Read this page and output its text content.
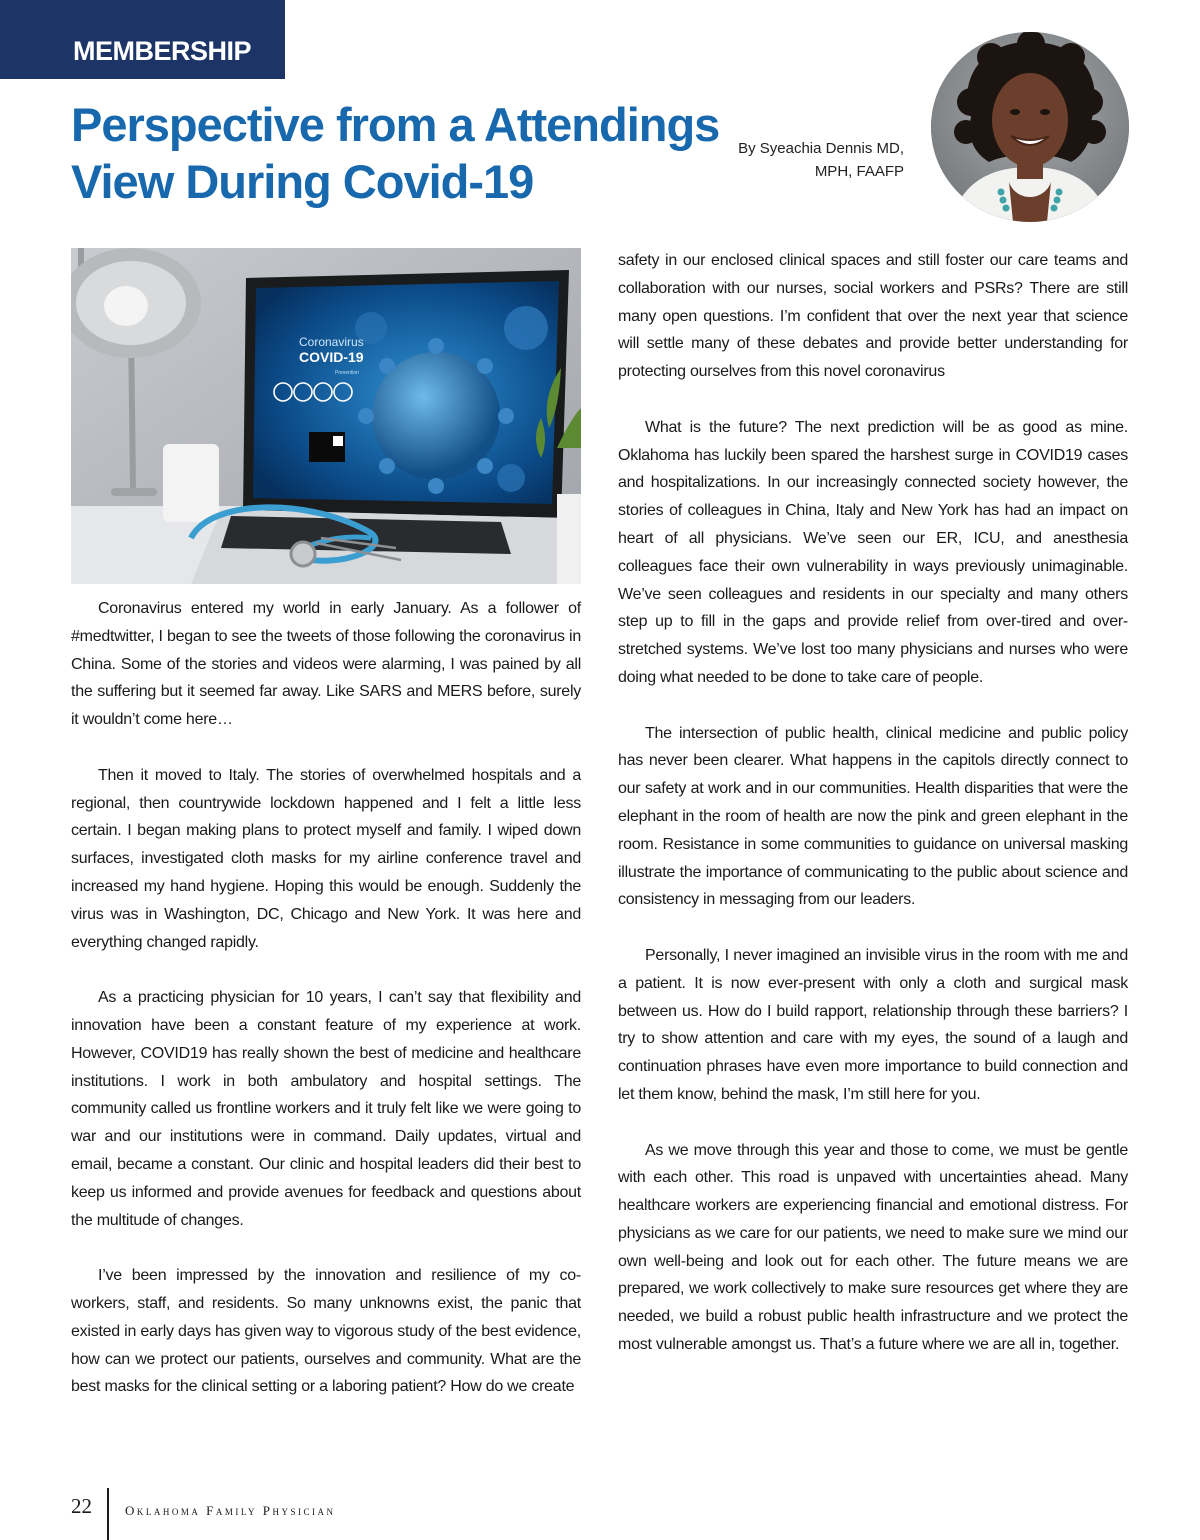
MEMBERSHIP
Perspective from a Attendings
View During Covid-19
By Syeachia Dennis MD,
MPH, FAAFP
Coronavirus
COVID-19
Prevention

Coronavirus entered my world in early January. As a follower of #medtwitter, I began to see the tweets of those following the coronavirus in China. Some of the stories and videos were alarming, I was pained by all the suffering but it seemed far away. Like SARS and MERS before, surely it wouldn’t come here…

Then it moved to Italy. The stories of overwhelmed hospitals and a regional, then countrywide lockdown happened and I felt a little less certain. I began making plans to protect myself and family. I wiped down surfaces, investigated cloth masks for my airline conference travel and increased my hand hygiene. Hoping this would be enough. Suddenly the virus was in Washington, DC, Chicago and New York. It was here and everything changed rapidly.

As a practicing physician for 10 years, I can’t say that flexibility and innovation have been a constant feature of my experience at work. However, COVID19 has really shown the best of medicine and healthcare institutions. I work in both ambulatory and hospital settings. The community called us frontline workers and it truly felt like we were going to war and our institutions were in command. Daily updates, virtual and email, became a constant. Our clinic and hospital leaders did their best to keep us informed and provide avenues for feedback and questions about the multitude of changes.

I’ve been impressed by the innovation and resilience of my co-workers, staff, and residents. So many unknowns exist, the panic that existed in early days has given way to vigorous study of the best evidence, how can we protect our patients, ourselves and community. What are the best masks for the clinical setting or a laboring patient? How do we create

safety in our enclosed clinical spaces and still foster our care teams and collaboration with our nurses, social workers and PSRs? There are still many open questions. I’m confident that over the next year that science will settle many of these debates and provide better understanding for protecting ourselves from this novel coronavirus

What is the future? The next prediction will be as good as mine. Oklahoma has luckily been spared the harshest surge in COVID19 cases and hospitalizations. In our increasingly connected society however, the stories of colleagues in China, Italy and New York has had an impact on heart of all physicians. We’ve seen our ER, ICU, and anesthesia colleagues face their own vulnerability in ways previously unimaginable. We’ve seen colleagues and residents in our specialty and many others step up to fill in the gaps and provide relief from over-tired and over-stretched systems. We’ve lost too many physicians and nurses who were doing what needed to be done to take care of people.

The intersection of public health, clinical medicine and public policy has never been clearer. What happens in the capitols directly connect to our safety at work and in our communities. Health disparities that were the elephant in the room of health are now the pink and green elephant in the room. Resistance in some communities to guidance on universal masking illustrate the importance of communicating to the public about science and consistency in messaging from our leaders.

Personally, I never imagined an invisible virus in the room with me and a patient. It is now ever-present with only a cloth and surgical mask between us. How do I build rapport, relationship through these barriers? I try to show attention and care with my eyes, the sound of a laugh and continuation phrases have even more importance to build connection and let them know, behind the mask, I’m still here for you.

As we move through this year and those to come, we must be gentle with each other. This road is unpaved with uncertainties ahead. Many healthcare workers are experiencing financial and emotional distress. For physicians as we care for our patients, we need to make sure we mind our own well-being and look out for each other. The future means we are prepared, we work collectively to make sure resources get where they are needed, we build a robust public health infrastructure and we protect the most vulnerable amongst us. That’s a future where we are all in, together.

22	Oklahoma Family Physician
